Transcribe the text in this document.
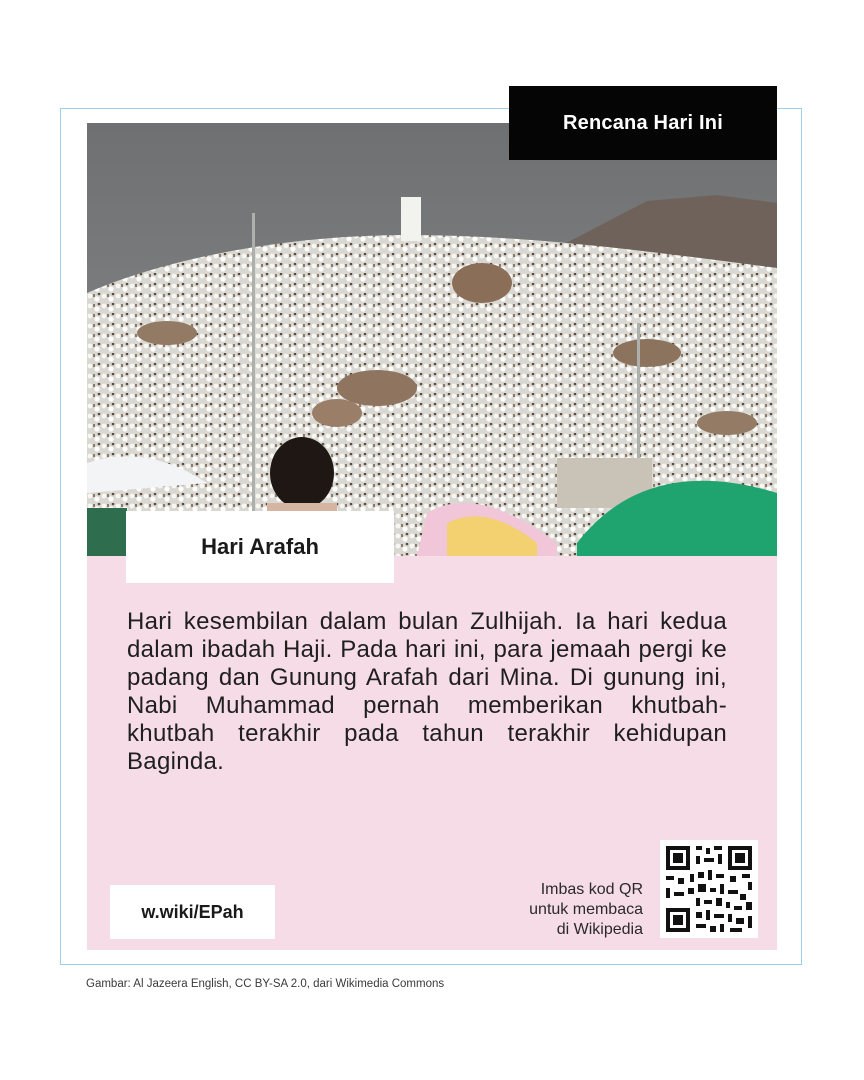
Rencana Hari Ini
Hari Arafah
Hari kesembilan dalam bulan Zulhijah. Ia hari kedua dalam ibadah Haji. Pada hari ini, para jemaah pergi ke padang dan Gunung Arafah dari Mina. Di gunung ini, Nabi Muhammad pernah memberikan khutbah-khutbah terakhir pada tahun terakhir kehidupan Baginda.
w.wiki/EPah
Imbas kod QR
untuk membaca
di Wikipedia
Gambar: Al Jazeera English, CC BY-SA 2.0, dari Wikimedia Commons
